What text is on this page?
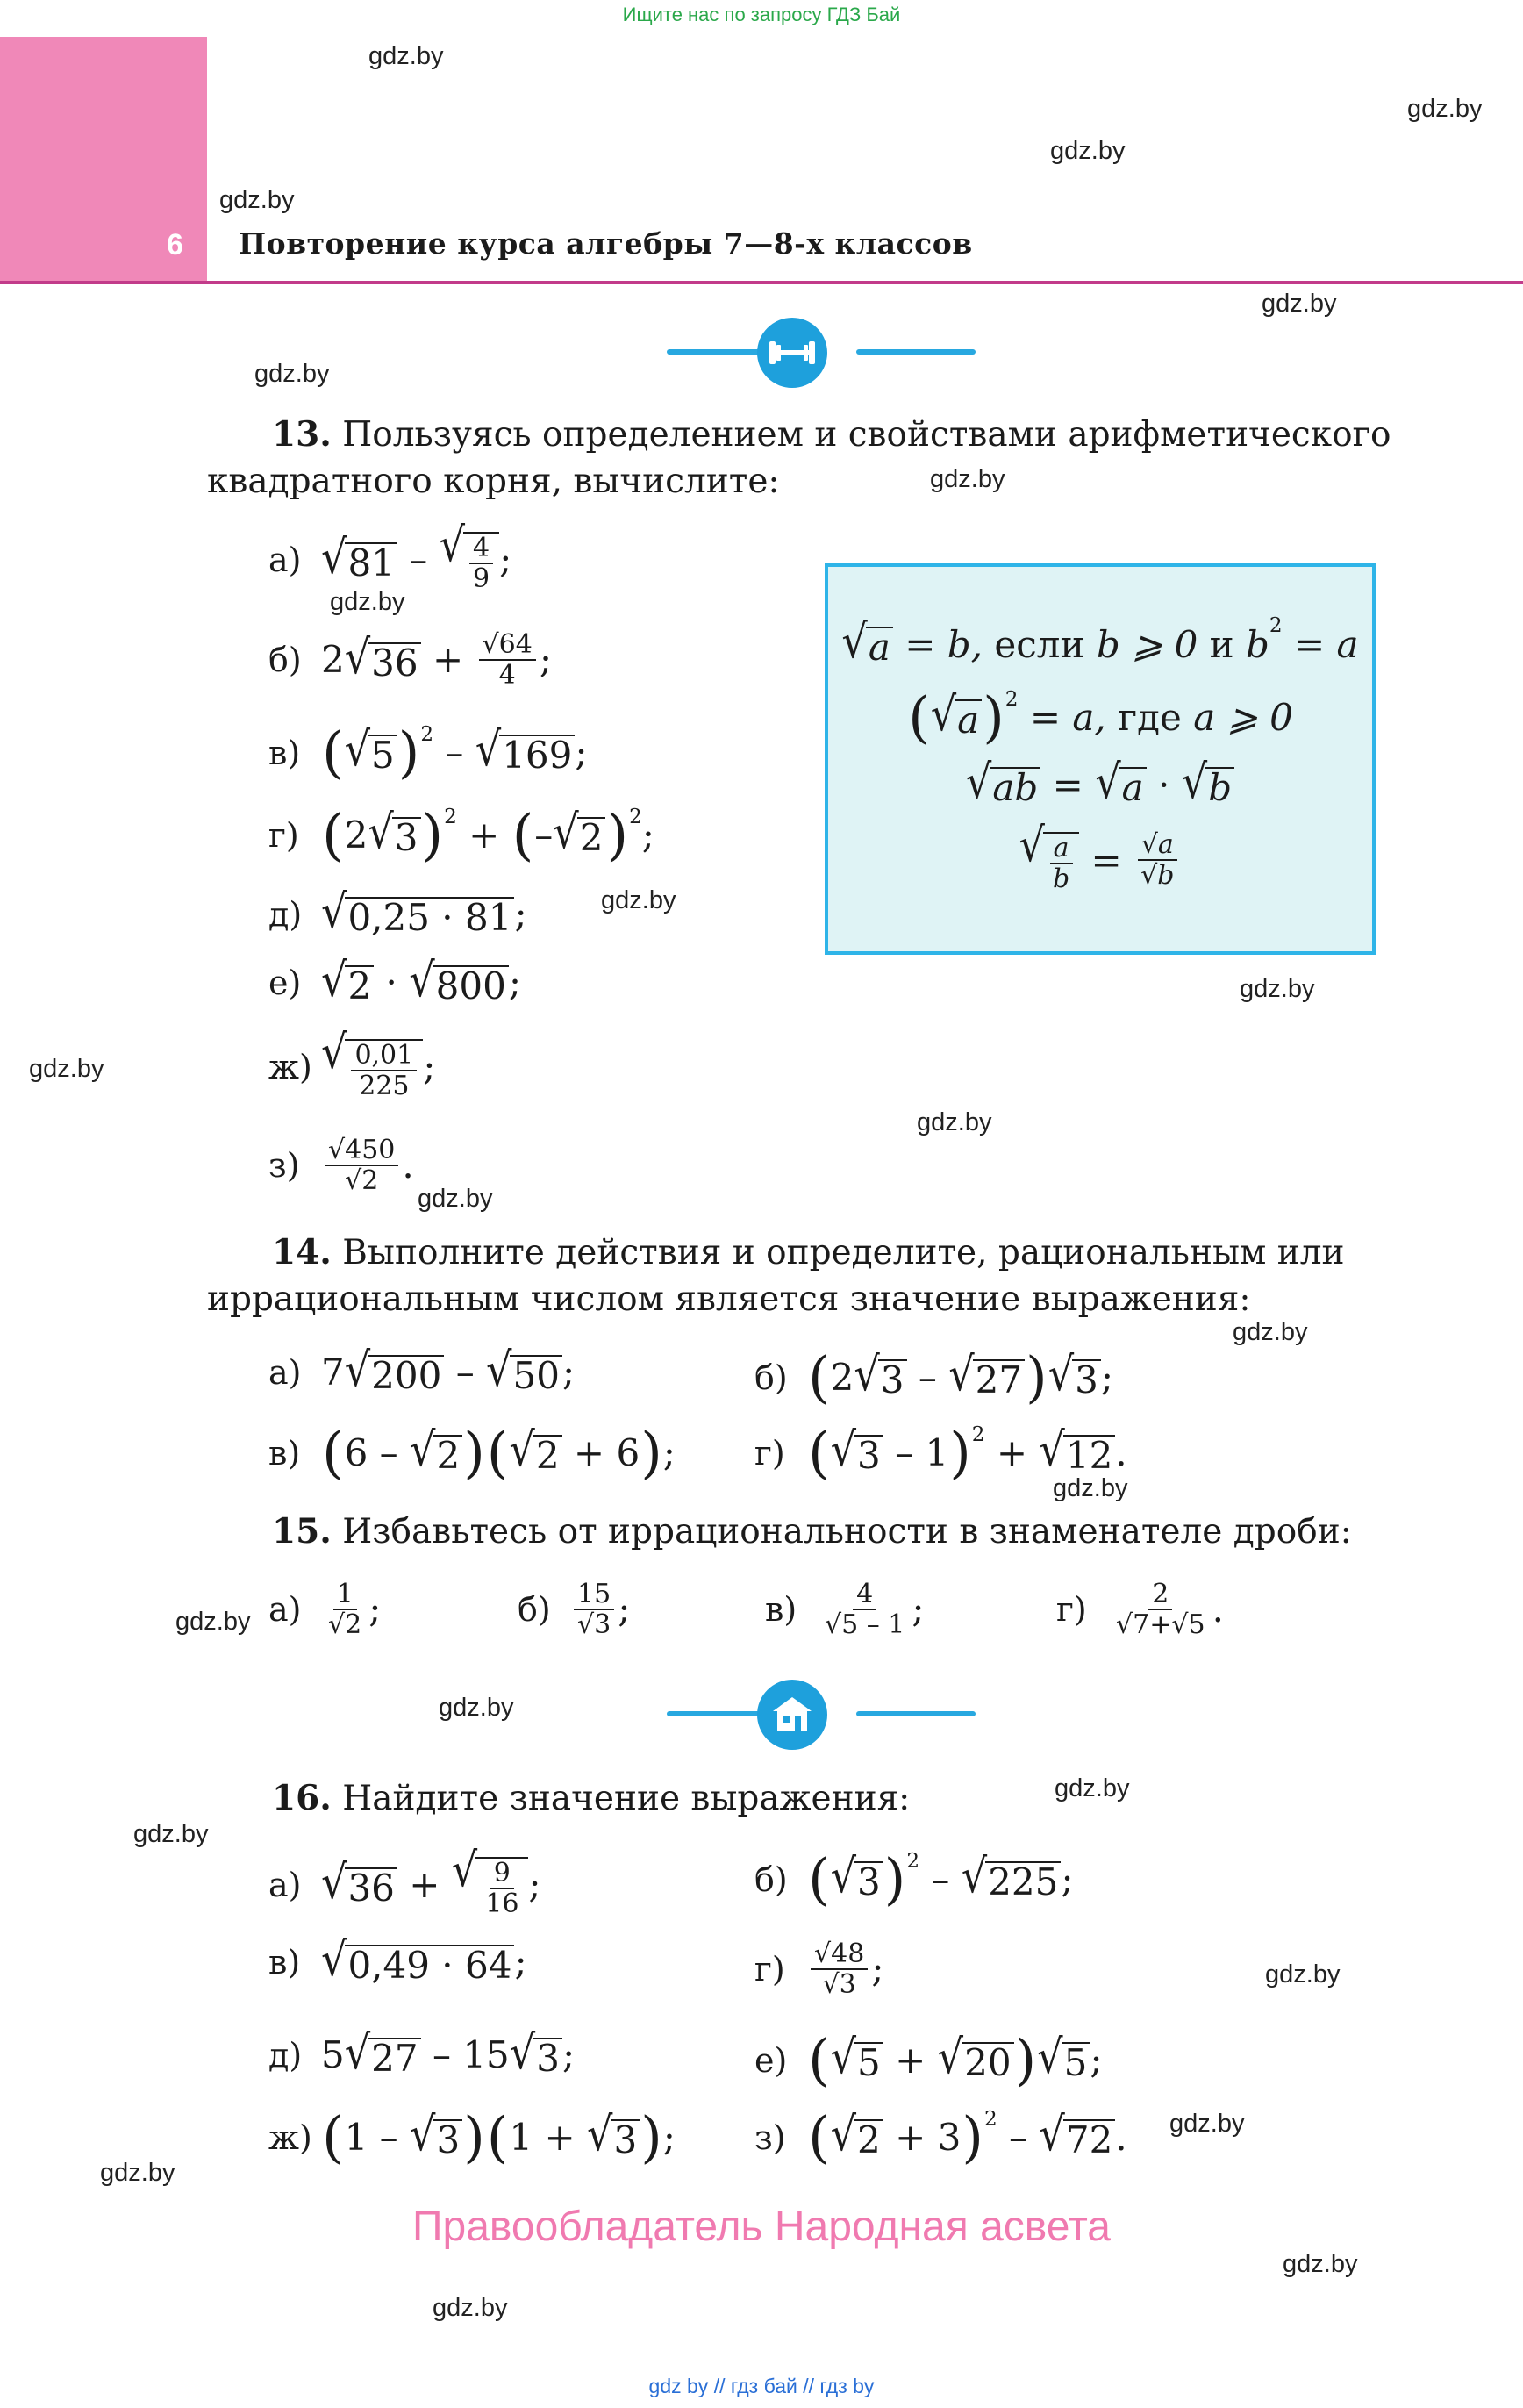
Ищите нас по запросу ГДЗ Бай
6 Повторение курса алгебры 7—8-х классов
gdz.by
gdz.by
gdz.by
gdz.by
gdz.by
gdz.by
gdz.by
gdz.by
gdz.by
gdz.by
gdz.by
gdz.by
gdz.by
gdz.by
gdz.by
gdz.by
gdz.by
gdz.by
gdz.by
gdz.by
gdz.by
gdz.by
gdz.by
gdz.by
13. Пользуясь определением и свойствами арифметического
квадратного корня, вычислите:
а) √ 81 – √ $\frac{4}{9}$ ;
б) 2 √ $36 + \frac{√64}{4}$ ;
в) ( √ 5 ) 2 – √ 169 ;
г) ( 2 √ 3 ) 2 + ( – √ 2 ) 2 ;
д) √ 0,25 · 81 ;
е) √ 2 · √ 800 ;
ж) √ $\frac{0,01}{225}$ ;
$з) \frac{√450}{√2}$ .
√ a
= b,
если
b ⩾ 0
и
b 2
= a
( √ a ) 2
= a,
где
a ⩾ 0
√ ab
=
√ a
·
√ b
√ $\frac{a}{b}$
=
$\frac{√a}{√b}$
14. Выполните действия и определите, рациональным или
иррациональным числом является значение выражения:
а) 7 √ 200 – √ 50 ;	б) ( 2 √ 3 – √ 27 ) √ 3 ;
в) ( 6 – √ 2 ) ( √ 2 + 6 ) ; г) ( √ 3 – 1 ) 2 + √ 12 .
15. Избавьтесь от иррациональности в знаменателе дроби:
$а) \frac{1}{√2}$ ;	$б) \frac{15}{√3}$ ;	$в) \frac{4}{√5 - 1}$ ;	$г) \frac{2}{√7+√5}$ .
16. Найдите значение выражения:
а) √ 36 + √ $\frac{9}{16}$ ;	б) ( √ 3 ) 2 – √ 225 ;
в) √ 0,49 · 64 ;	$г) \frac{√48}{√3}$ ;
д) 5 √ 27 – 15 √ 3 ;	е) ( √ 5 + √ 20 ) √ 5 ;
ж) ( 1 – √ 3 ) ( 1 + √ 3 ) ; з) ( √ 2 + 3 ) 2 – √ 72 .
Правообладатель Народная асвета
gdz by // гдз бай // гдз by
